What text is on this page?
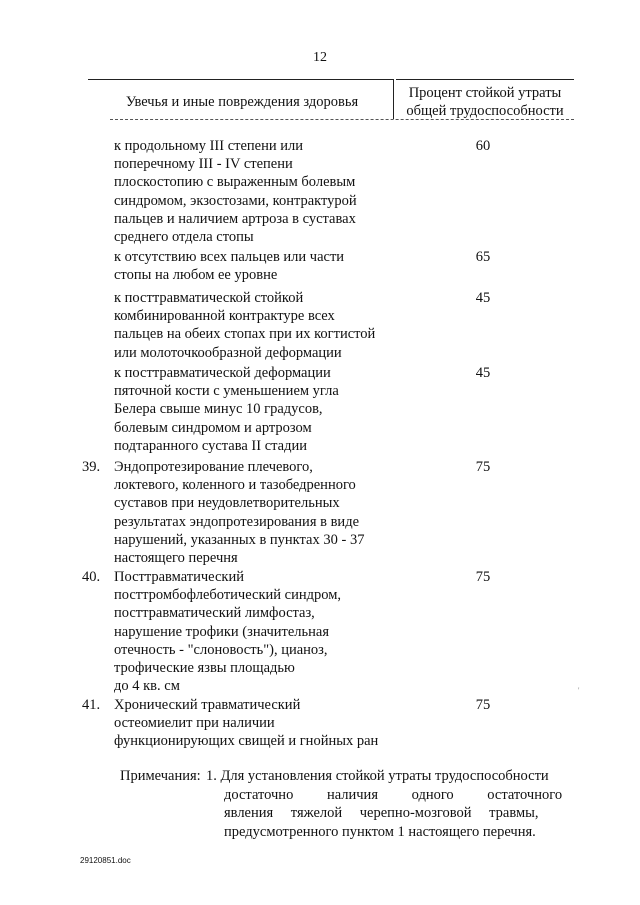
12
Увечья и иные повреждения здоровья
Процент стойкой утраты
общей трудоспособности
к продольному III степени или
поперечному III - IV степени
плоскостопию с выраженным болевым
синдромом, экзостозами, контрактурой
пальцев и наличием артроза в суставах
среднего отдела стопы
60
к отсутствию всех пальцев или части
стопы на любом ее уровне
65
к посттравматической стойкой
комбинированной контрактуре всех
пальцев на обеих стопах при их когтистой
или молоточкообразной деформации
45
к посттравматической деформации
пяточной кости с уменьшением угла
Белера свыше минус 10 градусов,
болевым синдромом и артрозом
подтаранного сустава II стадии
45
39. Эндопротезирование плечевого,
локтевого, коленного и тазобедренного
суставов при неудовлетворительных
результатах эндопротезирования в виде
нарушений, указанных в пунктах 30 - 37
настоящего перечня
75
40. Посттравматический
посттромбофлеботический синдром,
посттравматический лимфостаз,
нарушение трофики (значительная
отечность - "слоновость"), цианоз,
трофические язвы площадью
до 4 кв. см
75
41. Хронический травматический
остеомиелит при наличии
функционирующих свищей и гнойных ран
75
'
Примечания: 1. Для установления стойкой утраты трудоспособности
достаточно наличия одного остаточного
явления тяжелой черепно-мозговой травмы,
предусмотренного пунктом 1 настоящего перечня.
29120851.doc
